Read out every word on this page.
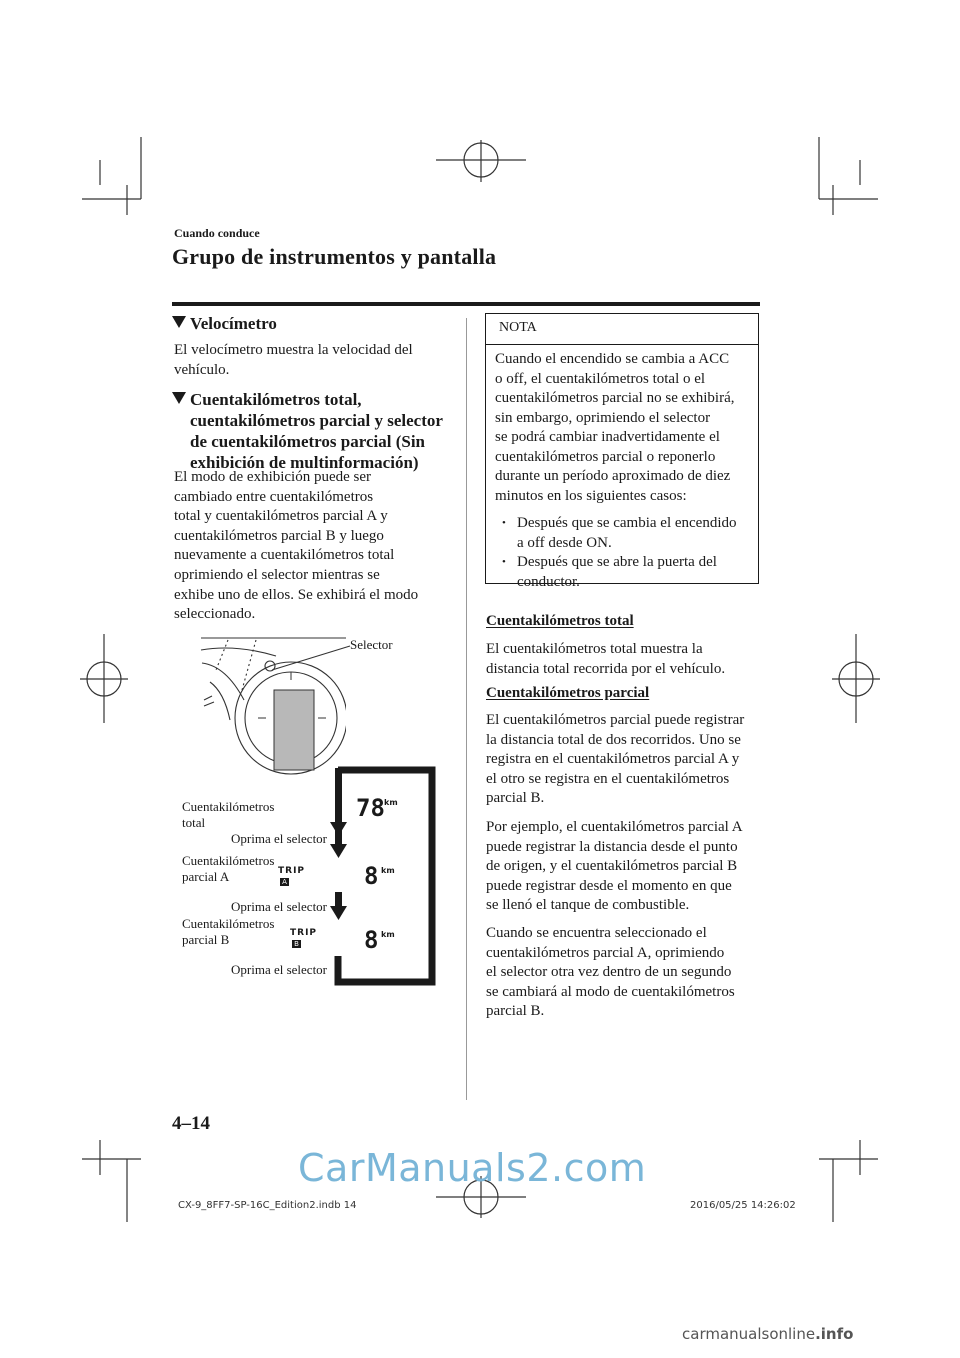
Cuando conduce
Grupo de instrumentos y pantalla
Velocímetro
El velocímetro muestra la velocidad del vehículo.
Cuentakilómetros total,
cuentakilómetros parcial y selector
de cuentakilómetros parcial (Sin
exhibición de multinformación)
El modo de exhibición puede ser
cambiado entre cuentakilómetros
total y cuentakilómetros parcial A y
cuentakilómetros parcial B y luego
nuevamente a cuentakilómetros total
oprimiendo el selector mientras se
exhibe uno de ellos. Se exhibirá el modo
seleccionado.
Selector
78 km
8 km
8 km
TRIP
A
TRIP
B
Cuentakilómetros
total
Oprima el selector
Cuentakilómetros
parcial A
Oprima el selector
Cuentakilómetros
parcial B
Oprima el selector
NOTA
Cuando el encendido se cambia a ACC
o off, el cuentakilómetros total o el
cuentakilómetros parcial no se exhibirá,
sin embargo, oprimiendo el selector
se podrá cambiar inadvertidamente el
cuentakilómetros parcial o reponerlo
durante un período aproximado de diez
minutos en los siguientes casos:
• Después que se cambia el encendido
a off desde ON.
• Después que se abre la puerta del
conductor.
Cuentakilómetros total
El cuentakilómetros total muestra la
distancia total recorrida por el vehículo.
Cuentakilómetros parcial
El cuentakilómetros parcial puede registrar
la distancia total de dos recorridos. Uno se
registra en el cuentakilómetros parcial A y
el otro se registra en el cuentakilómetros
parcial B.
Por ejemplo, el cuentakilómetros parcial A
puede registrar la distancia desde el punto
de origen, y el cuentakilómetros parcial B
puede registrar desde el momento en que
se llenó el tanque de combustible.
Cuando se encuentra seleccionado el
cuentakilómetros parcial A, oprimiendo
el selector otra vez dentro de un segundo
se cambiará al modo de cuentakilómetros
parcial B.
4–14
CarManuals2.com
CX-9_8FF7-SP-16C_Edition2.indb 14	2016/05/25 14:26:02
carmanualsonline.info
